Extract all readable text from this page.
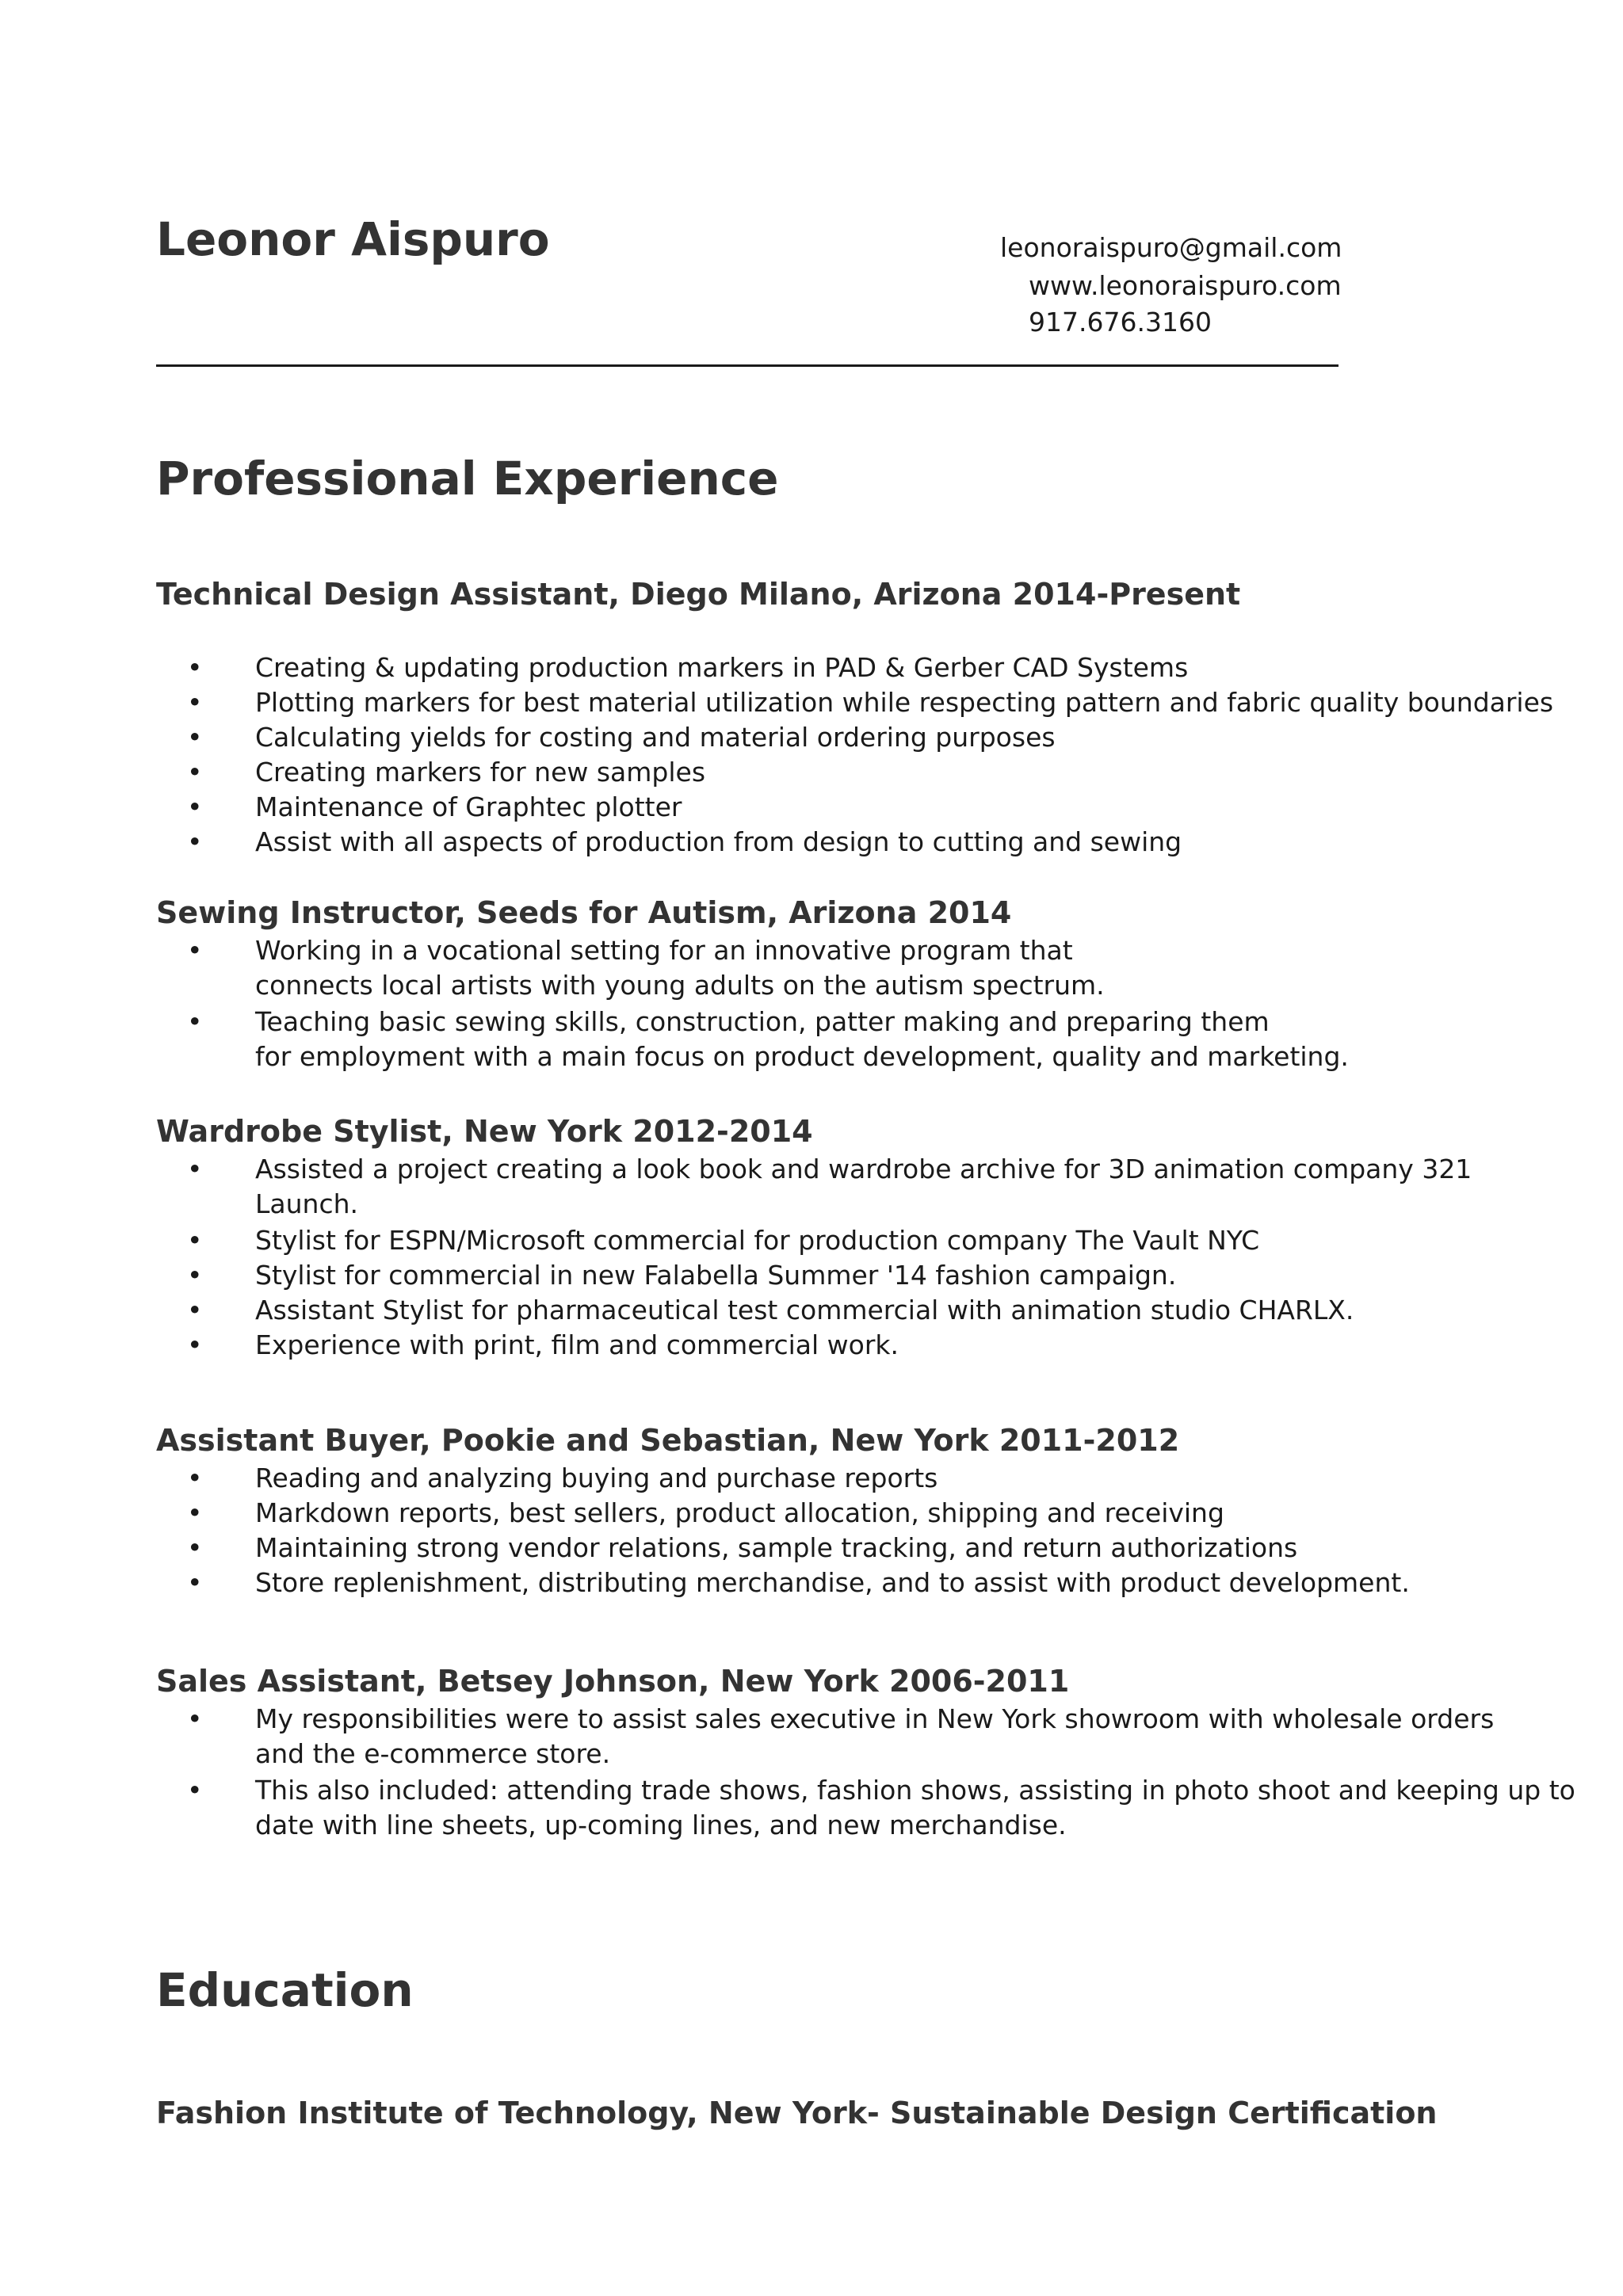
Leonor Aispuro	leonoraispuro@gmail.com
www.leonoraispuro.com
917.676.3160
Professional Experience
Technical Design Assistant, Diego Milano, Arizona 2014-Present
• Creating & updating production markers in PAD & Gerber CAD Systems
• Plotting markers for best material utilization while respecting pattern and fabric quality boundaries
• Calculating yields for costing and material ordering purposes
• Creating markers for new samples
• Maintenance of Graphtec plotter
• Assist with all aspects of production from design to cutting and sewing
Sewing Instructor, Seeds for Autism, Arizona 2014
• Working in a vocational setting for an innovative program that
connects local artists with young adults on the autism spectrum.
• Teaching basic sewing skills, construction, patter making and preparing them
for employment with a main focus on product development, quality and marketing.
Wardrobe Stylist, New York 2012-2014
• Assisted a project creating a look book and wardrobe archive for 3D animation company 321
Launch.
• Stylist for ESPN/Microsoft commercial for production company The Vault NYC
• Stylist for commercial in new Falabella Summer '14 fashion campaign.
• Assistant Stylist for pharmaceutical test commercial with animation studio CHARLX.
• Experience with print, film and commercial work.
Assistant Buyer, Pookie and Sebastian, New York 2011-2012
• Reading and analyzing buying and purchase reports
• Markdown reports, best sellers, product allocation, shipping and receiving
• Maintaining strong vendor relations, sample tracking, and return authorizations
• Store replenishment, distributing merchandise, and to assist with product development.
Sales Assistant, Betsey Johnson, New York 2006-2011
• My responsibilities were to assist sales executive in New York showroom with wholesale orders
and the e-commerce store.
• This also included: attending trade shows, fashion shows, assisting in photo shoot and keeping up to
date with line sheets, up-coming lines, and new merchandise.
Education
Fashion Institute of Technology, New York- Sustainable Design Certification
